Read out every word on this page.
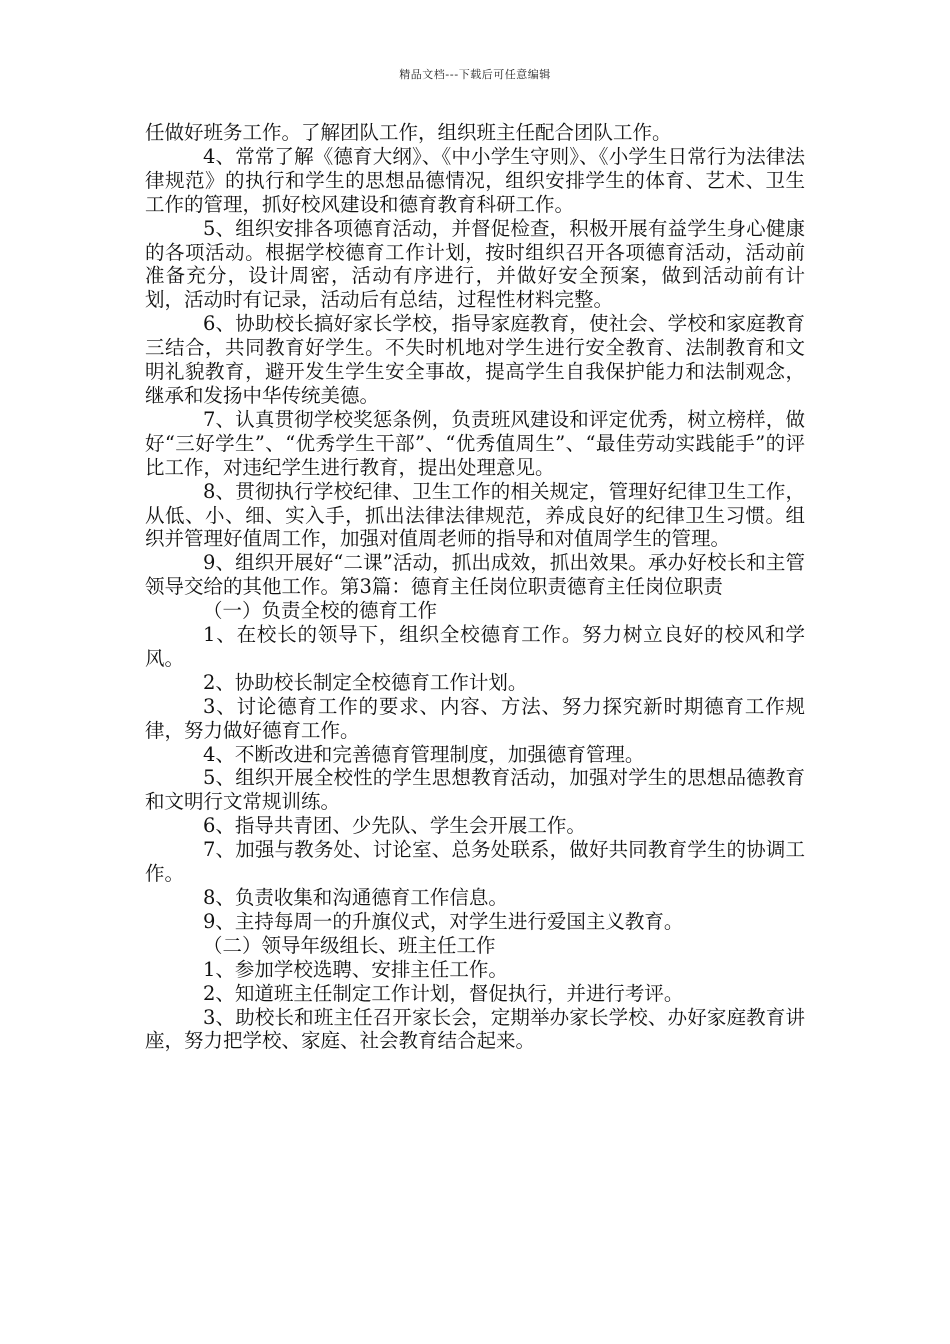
精品文档---下载后可任意编辑

任做好班务工作。了解团队工作，组织班主任配合团队工作。

4、常常了解《德育大纲》、《中小学生守则》、《小学生日常行为法律法律规范》的执行和学生的思想品德情况，组织安排学生的体育、艺术、卫生工作的管理，抓好校风建设和德育教育科研工作。

5、组织安排各项德育活动，并督促检查，积极开展有益学生身心健康的各项活动。根据学校德育工作计划，按时组织召开各项德育活动，活动前准备充分，设计周密，活动有序进行，并做好安全预案，做到活动前有计划，活动时有记录，活动后有总结，过程性材料完整。

6、协助校长搞好家长学校，指导家庭教育，使社会、学校和家庭教育三结合，共同教育好学生。不失时机地对学生进行安全教育、法制教育和文明礼貌教育，避开发生学生安全事故，提高学生自我保护能力和法制观念，继承和发扬中华传统美德。

7、认真贯彻学校奖惩条例，负责班风建设和评定优秀，树立榜样，做好“三好学生”、“优秀学生干部”、“优秀值周生”、“最佳劳动实践能手”的评比工作，对违纪学生进行教育，提出处理意见。

8、贯彻执行学校纪律、卫生工作的相关规定，管理好纪律卫生工作，从低、小、细、实入手，抓出法律法律规范，养成良好的纪律卫生习惯。组织并管理好值周工作，加强对值周老师的指导和对值周学生的管理。

9、组织开展好“二课”活动，抓出成效，抓出效果。承办好校长和主管领导交给的其他工作。第3篇：德育主任岗位职责德育主任岗位职责

（一）负责全校的德育工作

1、在校长的领导下，组织全校德育工作。努力树立良好的校风和学风。

2、协助校长制定全校德育工作计划。

3、讨论德育工作的要求、内容、方法、努力探究新时期德育工作规律，努力做好德育工作。

4、不断改进和完善德育管理制度，加强德育管理。

5、组织开展全校性的学生思想教育活动，加强对学生的思想品德教育和文明行文常规训练。

6、指导共青团、少先队、学生会开展工作。

7、加强与教务处、讨论室、总务处联系，做好共同教育学生的协调工作。

8、负责收集和沟通德育工作信息。

9、主持每周一的升旗仪式，对学生进行爱国主义教育。

（二）领导年级组长、班主任工作

1、参加学校选聘、安排主任工作。

2、知道班主任制定工作计划，督促执行，并进行考评。

3、助校长和班主任召开家长会，定期举办家长学校、办好家庭教育讲座，努力把学校、家庭、社会教育结合起来。
